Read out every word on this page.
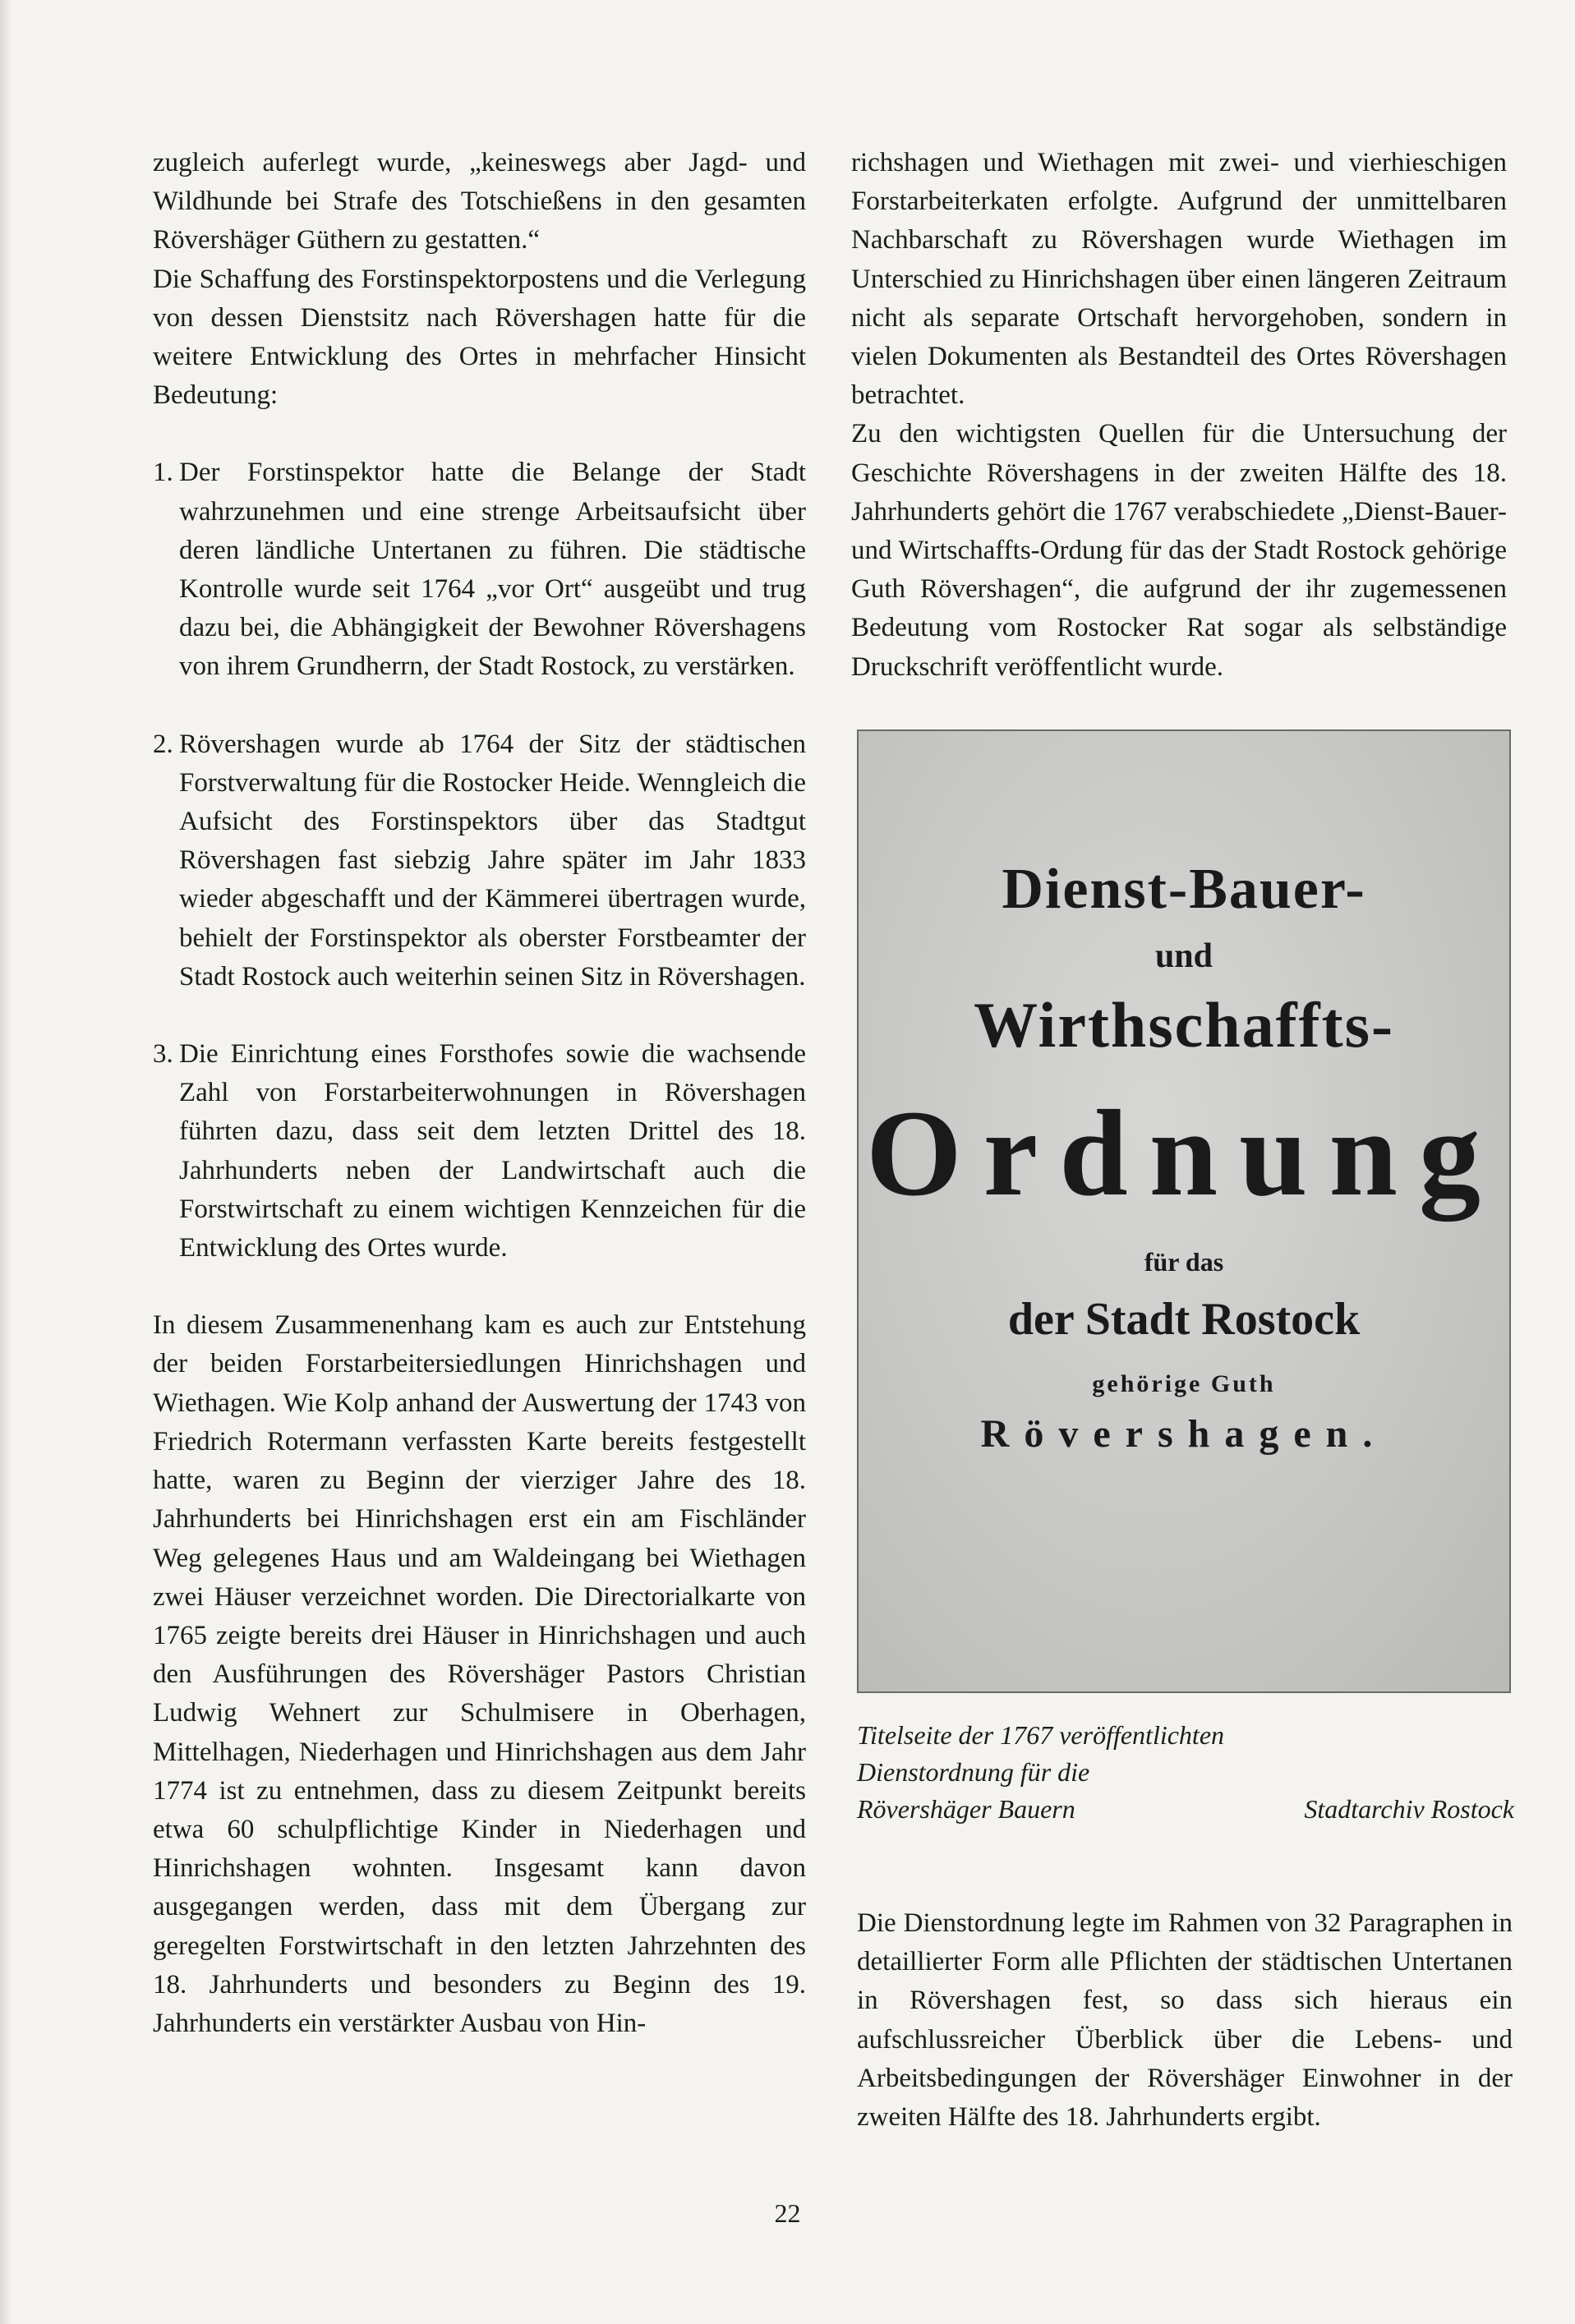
zugleich auferlegt wurde, „keineswegs aber Jagd- und Wildhunde bei Strafe des Totschießens in den gesamten Rövershäger Güthern zu gestatten.“

Die Schaffung des Forstinspektorpostens und die Verlegung von dessen Dienstsitz nach Rövershagen hatte für die weitere Entwicklung des Ortes in mehrfacher Hinsicht Bedeutung:

1. Der Forstinspektor hatte die Belange der Stadt wahrzunehmen und eine strenge Arbeitsaufsicht über deren ländliche Untertanen zu führen. Die städtische Kontrolle wurde seit 1764 „vor Ort“ ausgeübt und trug dazu bei, die Abhängigkeit der Bewohner Rövershagens von ihrem Grundherrn, der Stadt Rostock, zu verstärken.
2. Rövershagen wurde ab 1764 der Sitz der städtischen Forstverwaltung für die Rostocker Heide. Wenngleich die Aufsicht des Forstinspektors über das Stadtgut Rövershagen fast siebzig Jahre später im Jahr 1833 wieder abgeschafft und der Kämmerei übertragen wurde, behielt der Forstinspektor als oberster Forstbeamter der Stadt Rostock auch weiterhin seinen Sitz in Rövershagen.
3. Die Einrichtung eines Forsthofes sowie die wachsende Zahl von Forstarbeiterwohnungen in Rövershagen führten dazu, dass seit dem letzten Drittel des 18. Jahrhunderts neben der Landwirtschaft auch die Forstwirtschaft zu einem wichtigen Kennzeichen für die Entwicklung des Ortes wurde.

In diesem Zusammenenhang kam es auch zur Entstehung der beiden Forstarbeitersiedlungen Hinrichshagen und Wiethagen. Wie Kolp anhand der Auswertung der 1743 von Friedrich Rotermann verfassten Karte bereits festgestellt hatte, waren zu Beginn der vierziger Jahre des 18. Jahrhunderts bei Hinrichshagen erst ein am Fischländer Weg gelegenes Haus und am Waldeingang bei Wiethagen zwei Häuser verzeichnet worden. Die Directorialkarte von 1765 zeigte bereits drei Häuser in Hinrichshagen und auch den Ausführungen des Rövershäger Pastors Christian Ludwig Wehnert zur Schulmisere in Oberhagen, Mittelhagen, Niederhagen und Hinrichshagen aus dem Jahr 1774 ist zu entnehmen, dass zu diesem Zeitpunkt bereits etwa 60 schulpflichtige Kinder in Niederhagen und Hinrichshagen wohnten. Insgesamt kann davon ausgegangen werden, dass mit dem Übergang zur geregelten Forstwirtschaft in den letzten Jahrzehnten des 18. Jahrhunderts und besonders zu Beginn des 19. Jahrhunderts ein verstärkter Ausbau von Hin-

richshagen und Wiethagen mit zwei- und vierhieschigen Forstarbeiterkaten erfolgte. Aufgrund der unmittelbaren Nachbarschaft zu Rövershagen wurde Wiethagen im Unterschied zu Hinrichshagen über einen längeren Zeitraum nicht als separate Ortschaft hervorgehoben, sondern in vielen Dokumenten als Bestandteil des Ortes Rövershagen betrachtet.

Zu den wichtigsten Quellen für die Untersuchung der Geschichte Rövershagens in der zweiten Hälfte des 18. Jahrhunderts gehört die 1767 verabschiedete „Dienst-Bauer-und Wirtschaffts-Ordung für das der Stadt Rostock gehörige Guth Rövershagen“, die aufgrund der ihr zugemessenen Bedeutung vom Rostocker Rat sogar als selbständige Druckschrift veröffentlicht wurde.

Dienst-Bauer-
und
Wirthschaffts-
Ordnung
für das
der Stadt Rostock
gehörige Guth
Rövershagen.
Titelseite der 1767 veröffentlichten
Dienstordnung für die
Rövershäger Bauern	Stadtarchiv Rostock

Die Dienstordnung legte im Rahmen von 32 Paragraphen in detaillierter Form alle Pflichten der städtischen Untertanen in Rövershagen fest, so dass sich hieraus ein aufschlussreicher Überblick über die Lebens- und Arbeitsbedingungen der Rövershäger Einwohner in der zweiten Hälfte des 18. Jahrhunderts ergibt.

22
